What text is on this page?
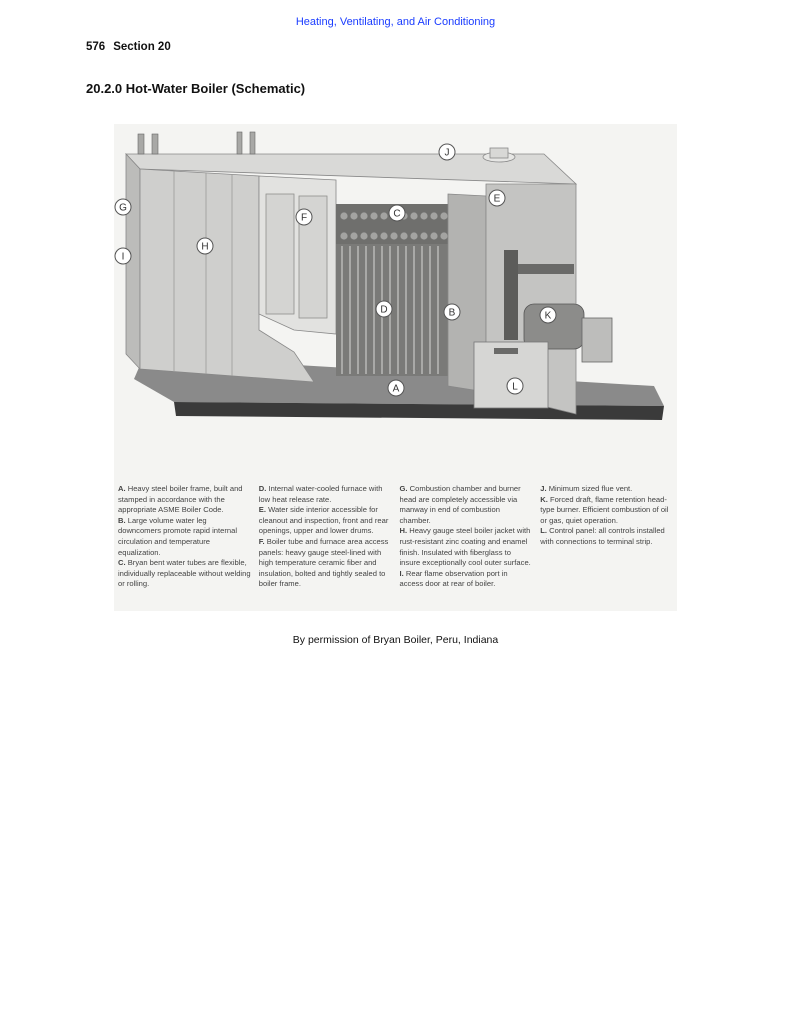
Heating, Ventilating, and Air Conditioning
576 Section 20
20.2.0 Hot-Water Boiler (Schematic)
A
B
C
D
E
F
G
H
I
J
K
L

A. Heavy steel boiler frame, built and stamped in accordance with the appropriate ASME Boiler Code.

B. Large volume water leg downcomers promote rapid internal circulation and temperature equalization.

C. Bryan bent water tubes are flexible, individually replaceable without welding or rolling.

D. Internal water-cooled furnace with low heat release rate.

E. Water side interior accessible for cleanout and inspection, front and rear openings, upper and lower drums.

F. Boiler tube and furnace area access panels: heavy gauge steel-lined with high temperature ceramic fiber and insulation, bolted and tightly sealed to boiler frame.

G. Combustion chamber and burner head are completely accessible via manway in end of combustion chamber.

H. Heavy gauge steel boiler jacket with rust-resistant zinc coating and enamel finish. Insulated with fiberglass to insure exceptionally cool outer surface.

I. Rear flame observation port in access door at rear of boiler.

J. Minimum sized flue vent.

K. Forced draft, flame retention head-type burner. Efficient combustion of oil or gas, quiet operation.

L. Control panel: all controls installed with connections to terminal strip.

By permission of Bryan Boiler, Peru, Indiana
